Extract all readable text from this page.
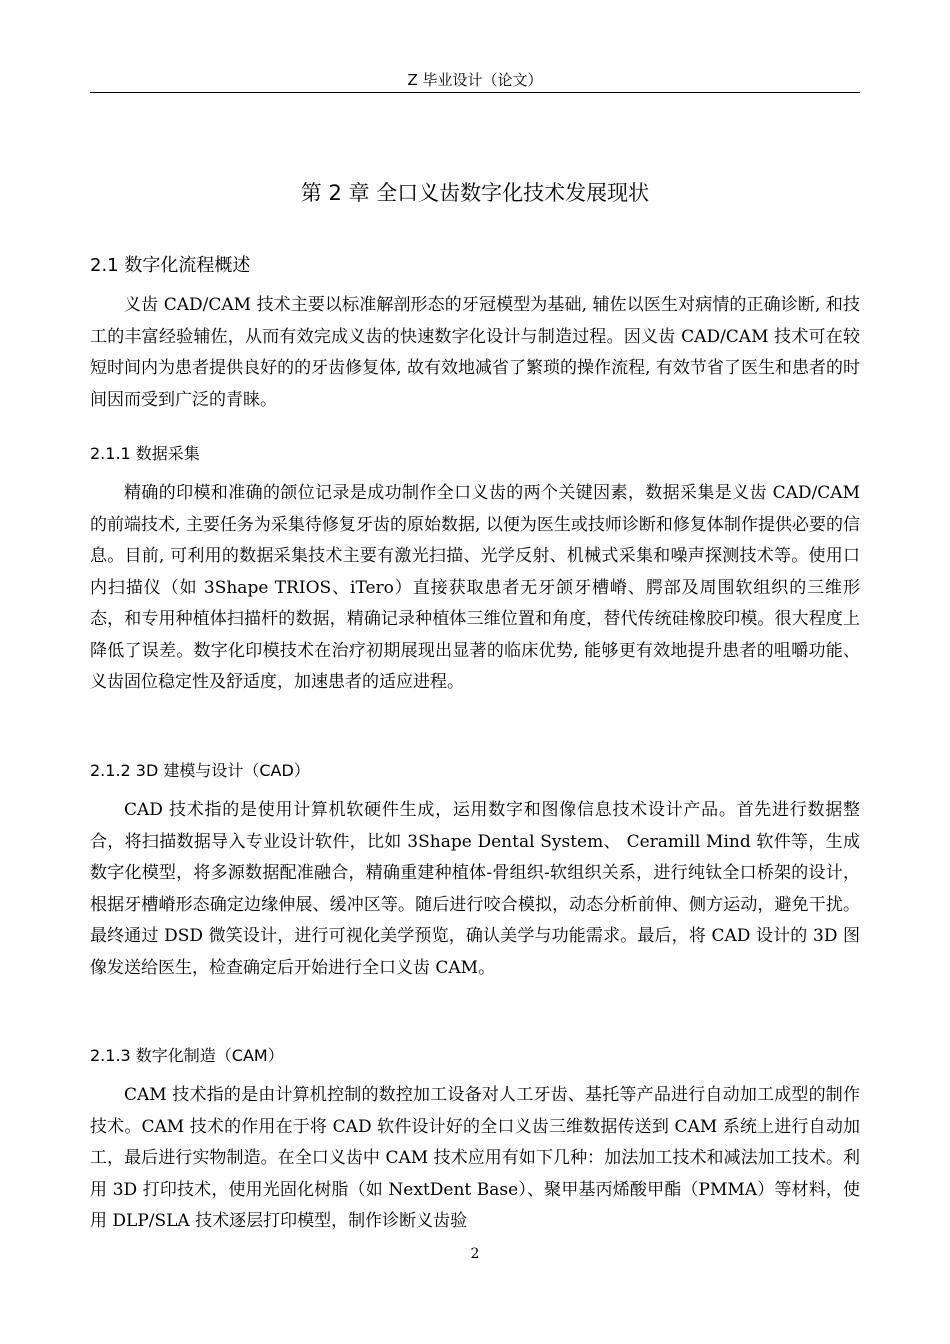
Z 毕业设计（论文）
第 2 章 全口义齿数字化技术发展现状
2.1 数字化流程概述

义齿 CAD/CAM 技术主要以标准解剖形态的牙冠模型为基础, 辅佐以医生对病情的正确诊断, 和技工的丰富经验辅佐，从而有效完成义齿的快速数字化设计与制造过程。因义齿 CAD/CAM 技术可在较短时间内为患者提供良好的的牙齿修复体, 故有效地减省了繁琐的操作流程, 有效节省了医生和患者的时间因而受到广泛的青睐。

2.1.1 数据采集

精确的印模和准确的颌位记录是成功制作全口义齿的两个关键因素，数据采集是义齿 CAD/CAM 的前端技术, 主要任务为采集待修复牙齿的原始数据, 以便为医生或技师诊断和修复体制作提供必要的信息。目前, 可利用的数据采集技术主要有激光扫描、光学反射、机械式采集和噪声探测技术等。使用口内扫描仪（如 3Shape TRIOS、iTero）直接获取患者无牙颌牙槽嵴、腭部及周围软组织的三维形态，和专用种植体扫描杆的数据，精确记录种植体三维位置和角度，替代传统硅橡胶印模。很大程度上降低了误差。数字化印模技术在治疗初期展现出显著的临床优势, 能够更有效地提升患者的咀嚼功能、义齿固位稳定性及舒适度，加速患者的适应进程。

2.1.2 3D 建模与设计（CAD）

CAD 技术指的是使用计算机软硬件生成，运用数字和图像信息技术设计产品。首先进行数据整合，将扫描数据导入专业设计软件，比如 3Shape Dental System、 Ceramill Mind 软件等，生成数字化模型，将多源数据配准融合，精确重建种植体-骨组织-软组织关系，进行纯钛全口桥架的设计，根据牙槽嵴形态确定边缘伸展、缓冲区等。随后进行咬合模拟，动态分析前伸、侧方运动，避免干扰。最终通过 DSD 微笑设计，进行可视化美学预览，确认美学与功能需求。最后，将 CAD 设计的 3D 图像发送给医生，检查确定后开始进行全口义齿 CAM。

2.1.3 数字化制造（CAM）

CAM 技术指的是由计算机控制的数控加工设备对人工牙齿、基托等产品进行自动加工成型的制作技术。CAM 技术的作用在于将 CAD 软件设计好的全口义齿三维数据传送到 CAM 系统上进行自动加工，最后进行实物制造。在全口义齿中 CAM 技术应用有如下几种：加法加工技术和减法加工技术。利用 3D 打印技术，使用光固化树脂（如 NextDent Base）、聚甲基丙烯酸甲酯（PMMA）等材料，使用 DLP/SLA 技术逐层打印模型，制作诊断义齿验

2
